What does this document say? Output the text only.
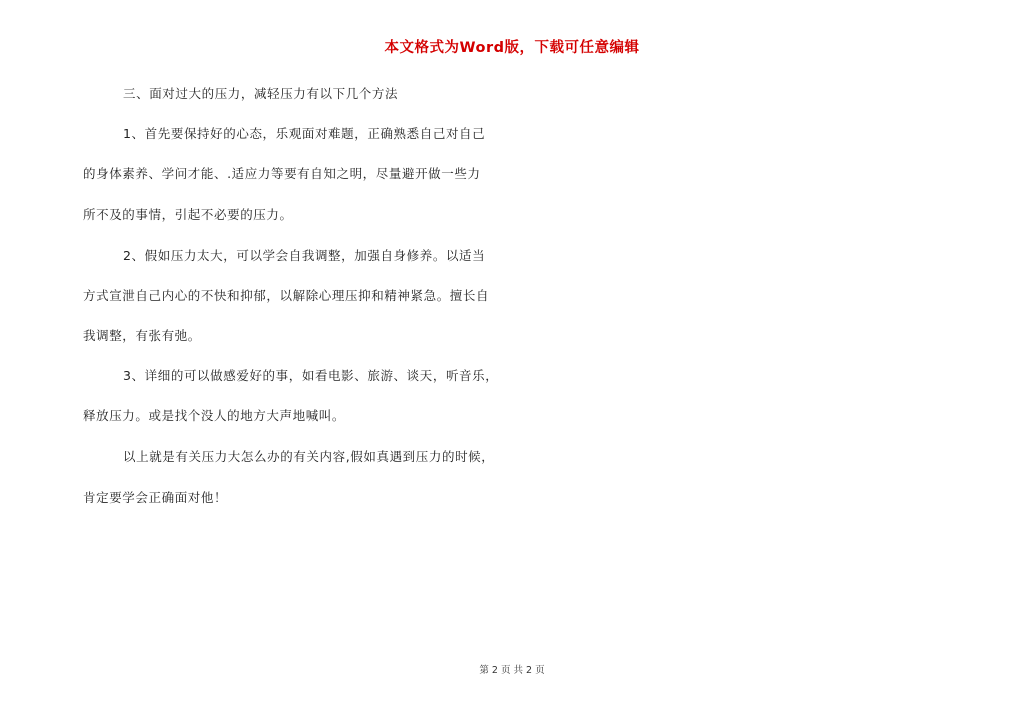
本文格式为Word版，下载可任意编辑
三、面对过大的压力，减轻压力有以下几个方法
1、首先要保持好的心态，乐观面对难题，正确熟悉自己对自己
的身体素养、学问才能、.适应力等要有自知之明，尽量避开做一些力
所不及的事情，引起不必要的压力。
2、假如压力太大，可以学会自我调整，加强自身修养。以适当
方式宣泄自己内心的不快和抑郁，以解除心理压抑和精神紧急。擅长自
我调整，有张有弛。
3、详细的可以做感爱好的事，如看电影、旅游、谈天，听音乐，
释放压力。或是找个没人的地方大声地喊叫。
以上就是有关压力大怎么办的有关内容,假如真遇到压力的时候，
肯定要学会正确面对他！
第 2 页 共 2 页
